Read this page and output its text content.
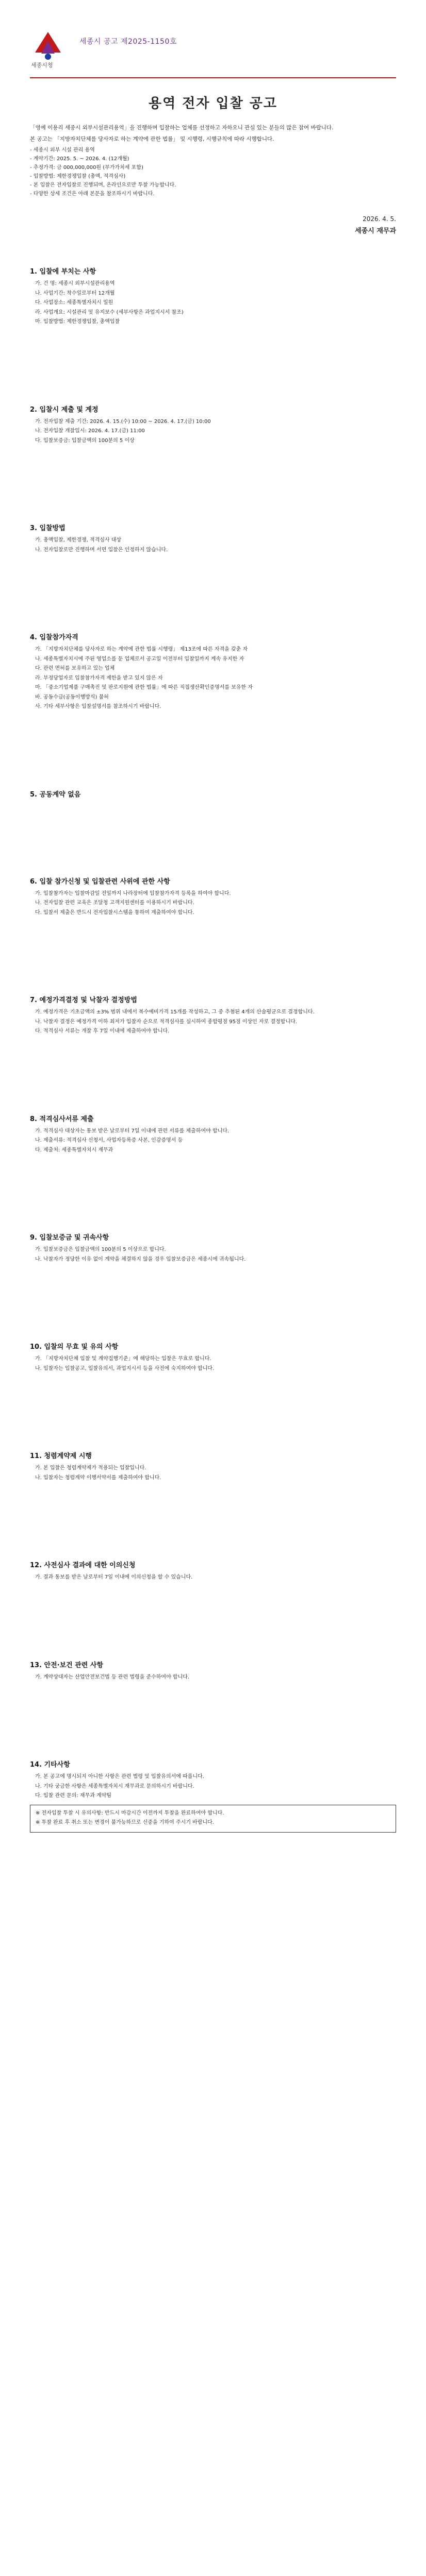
세종시청
세종시 공고 제2025-1150호
용역 전자 입찰 공고

「영예 이용리 세종시 외부시설관리용역」을 진행하며 입찰하는 업체를 선정하고 자하오니 관심 있는 분들의 많은 참여 바랍니다.

본 공고는 「지방자치단체를 당사자로 하는 계약에 관한 법률」 및 시행령, 시행규칙에 따라 시행합니다.

- 세종시 외부 시설 관리 용역
- 계약기간: 2025. 5. ~ 2026. 4. (12개월)
- 추정가격: 금 000,000,000원 (부가가치세 포함)
- 입찰방법: 제한경쟁입찰 (총액, 적격심사)
- 본 입찰은 전자입찰로 진행되며, 온라인으로만 투찰 가능합니다.
- 다양한 상세 조건은 아래 본문을 참조하시기 바랍니다.
2026. 4. 5.
세종시 재무과
1. 입찰에 부치는 사항
가. 건 명: 세종시 외부시설관리용역
나. 사업기간: 착수일로부터 12개월
다. 사업장소: 세종특별자치시 일원
라. 사업개요: 시설관리 및 유지보수 (세부사항은 과업지시서 참조)
마. 입찰방법: 제한경쟁입찰, 총액입찰
2. 입찰시 제출 및 계정
가. 전자입찰 제출 기간: 2026. 4. 15.(수) 10:00 ~ 2026. 4. 17.(금) 10:00
나. 전자입찰 개찰일시: 2026. 4. 17.(금) 11:00
다. 입찰보증금: 입찰금액의 100분의 5 이상
3. 입찰방법
가. 총액입찰, 제한경쟁, 적격심사 대상
나. 전자입찰로만 진행하며 서면 입찰은 인정하지 않습니다.
4. 입찰참가자격
가. 「지방자치단체를 당사자로 하는 계약에 관한 법률 시행령」 제13조에 따른 자격을 갖춘 자
나. 세종특별자치시에 주된 영업소를 둔 업체로서 공고일 이전부터 입찰일까지 계속 유지한 자
다. 관련 면허를 보유하고 있는 업체
라. 부정당업자로 입찰참가자격 제한을 받고 있지 않은 자
마. 「중소기업제품 구매촉진 및 판로지원에 관한 법률」에 따른 직접생산확인증명서를 보유한 자
바. 공동수급(공동이행방식) 불허
사. 기타 세부사항은 입찰설명서를 참조하시기 바랍니다.
5. 공동계약 없음
6. 입찰 참가신청 및 입찰관련 사위에 관한 사항
가. 입찰참가자는 입찰마감일 전일까지 나라장터에 입찰참가자격 등록을 하여야 합니다.
나. 전자입찰 관련 교육은 조달청 고객지원센터를 이용하시기 바랍니다.
다. 입찰서 제출은 반드시 전자입찰시스템을 통하여 제출하여야 합니다.
7. 예정가격결정 및 낙찰자 결정방법
가. 예정가격은 기초금액의 ±3% 범위 내에서 복수예비가격 15개를 작성하고, 그 중 추첨된 4개의 산술평균으로 결정합니다.
나. 낙찰자 결정은 예정가격 이하 최저가 입찰자 순으로 적격심사를 실시하여 종합평점 95점 이상인 자로 결정합니다.
다. 적격심사 서류는 개찰 후 7일 이내에 제출하여야 합니다.
8. 적격심사서류 제출
가. 적격심사 대상자는 통보 받은 날로부터 7일 이내에 관련 서류를 제출하여야 합니다.
나. 제출서류: 적격심사 신청서, 사업자등록증 사본, 인감증명서 등
다. 제출처: 세종특별자치시 재무과
9. 입찰보증금 및 귀속사항
가. 입찰보증금은 입찰금액의 100분의 5 이상으로 합니다.
나. 낙찰자가 정당한 이유 없이 계약을 체결하지 않을 경우 입찰보증금은 세종시에 귀속됩니다.
10. 입찰의 무효 및 유의 사항
가. 「지방자치단체 입찰 및 계약집행기준」에 해당하는 입찰은 무효로 합니다.
나. 입찰자는 입찰공고, 입찰유의서, 과업지시서 등을 사전에 숙지하여야 합니다.
11. 청렴계약제 시행
가. 본 입찰은 청렴계약제가 적용되는 입찰입니다.
나. 입찰자는 청렴계약 이행서약서를 제출하여야 합니다.
12. 사전심사 결과에 대한 이의신청
가. 결과 통보를 받은 날로부터 7일 이내에 이의신청을 할 수 있습니다.
13. 안전·보건 관련 사항
가. 계약상대자는 산업안전보건법 등 관련 법령을 준수하여야 합니다.
14. 기타사항
가. 본 공고에 명시되지 아니한 사항은 관련 법령 및 입찰유의서에 따릅니다.
나. 기타 궁금한 사항은 세종특별자치시 재무과로 문의하시기 바랍니다.
다. 입찰 관련 문의: 재무과 계약팀
※ 전자입찰 투찰 시 유의사항: 반드시 마감시간 이전까지 투찰을 완료하여야 합니다.
※ 투찰 완료 후 취소 또는 변경이 불가능하므로 신중을 기하여 주시기 바랍니다.
